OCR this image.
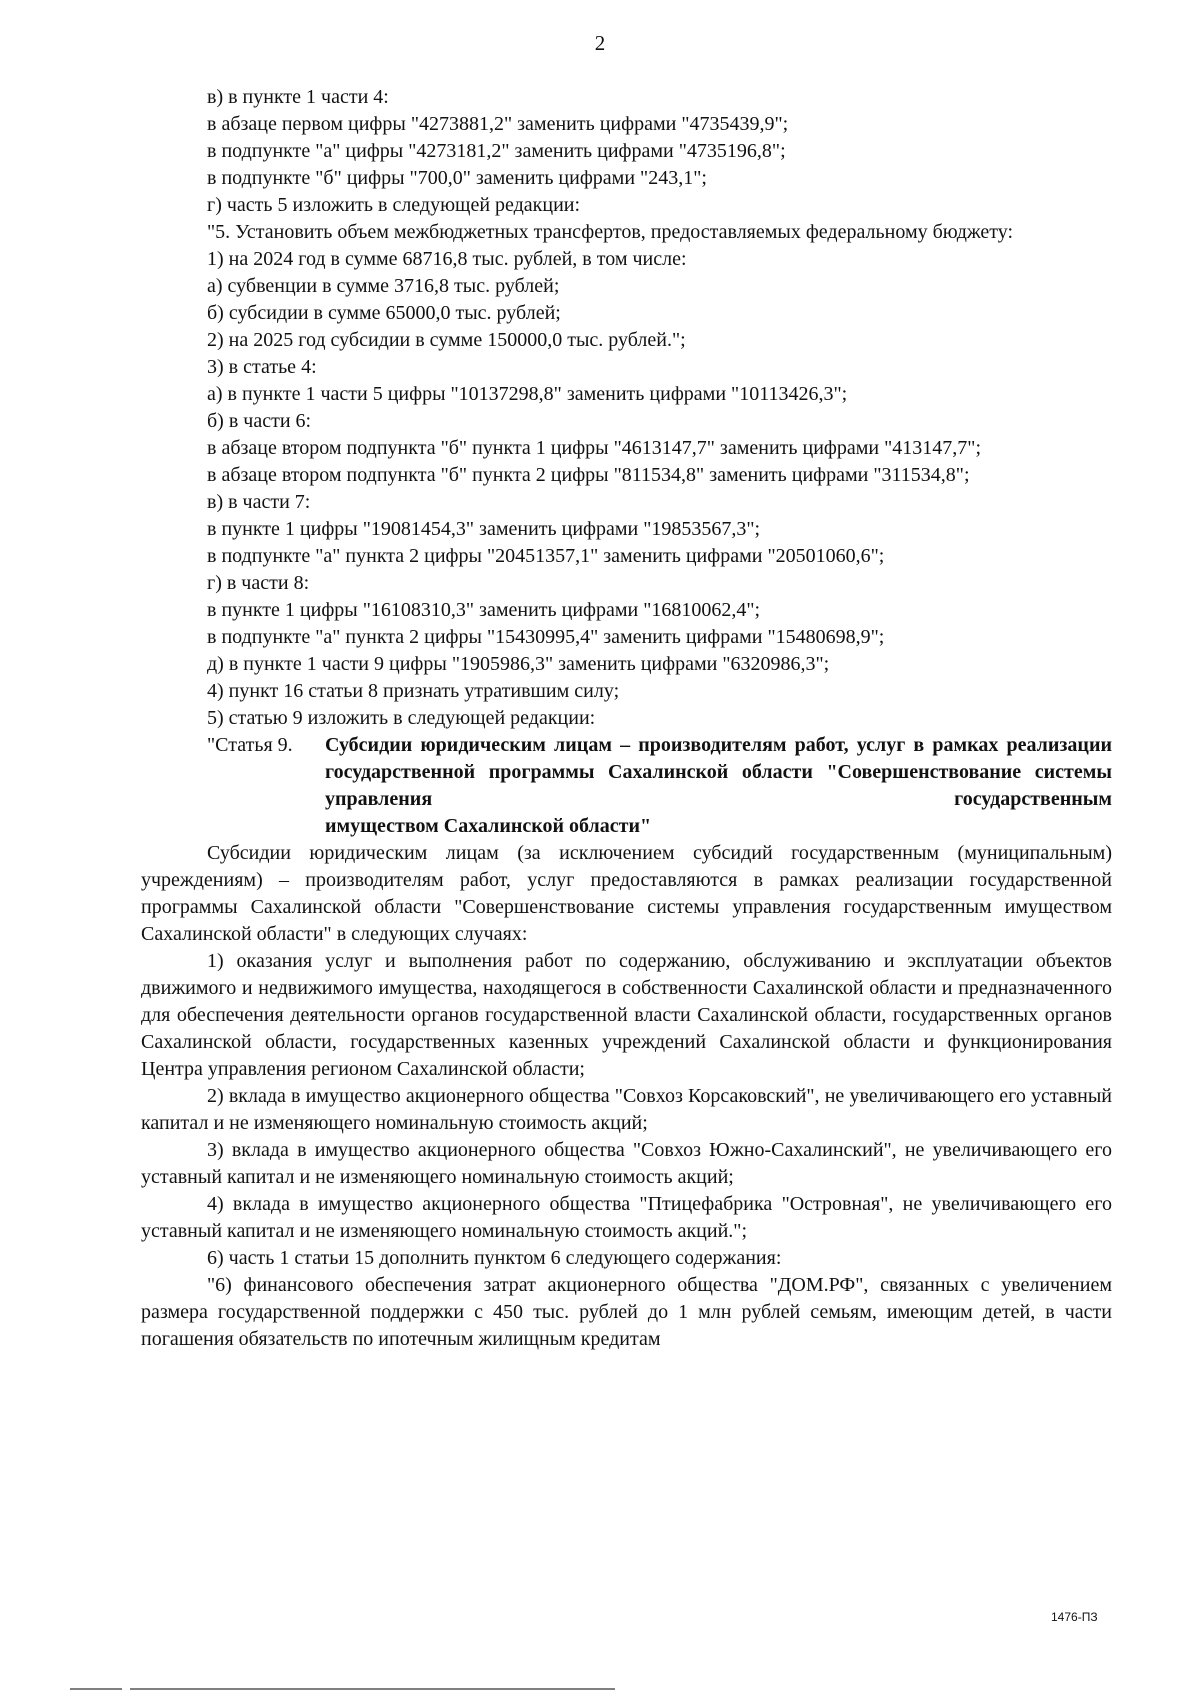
2

в) в пункте 1 части 4:

в абзаце первом цифры "4273881,2" заменить цифрами "4735439,9";

в подпункте "а" цифры "4273181,2" заменить цифрами "4735196,8";

в подпункте "б" цифры "700,0" заменить цифрами "243,1";

г) часть 5 изложить в следующей редакции:

"5. Установить объем межбюджетных трансфертов, предоставляемых федеральному бюджету:

1) на 2024 год в сумме 68716,8 тыс. рублей, в том числе:

а) субвенции в сумме 3716,8 тыс. рублей;

б) субсидии в сумме 65000,0 тыс. рублей;

2) на 2025 год субсидии в сумме 150000,0 тыс. рублей.";

3) в статье 4:

а) в пункте 1 части 5 цифры "10137298,8" заменить цифрами "10113426,3";

б) в части 6:

в абзаце втором подпункта "б" пункта 1 цифры "4613147,7" заменить цифрами "413147,7";

в абзаце втором подпункта "б" пункта 2 цифры "811534,8" заменить цифрами "311534,8";

в) в части 7:

в пункте 1 цифры "19081454,3" заменить цифрами "19853567,3";

в подпункте "а" пункта 2 цифры "20451357,1" заменить цифрами "20501060,6";

г) в части 8:

в пункте 1 цифры "16108310,3" заменить цифрами "16810062,4";

в подпункте "а" пункта 2 цифры "15430995,4" заменить цифрами "15480698,9";

д) в пункте 1 части 9 цифры "1905986,3" заменить цифрами "6320986,3";

4) пункт 16 статьи 8 признать утратившим силу;

5) статью 9 изложить в следующей редакции:

"Статья 9. Субсидии юридическим лицам – производителям работ, услуг в рамках реализации государственной программы Сахалинской области "Совершенствование системы управления государственным
имуществом Сахалинской области"

Субсидии юридическим лицам (за исключением субсидий государственным (муниципальным) учреждениям) – производителям работ, услуг предоставляются в рамках реализации государственной программы Сахалинской области "Совершенствование системы управления государственным имуществом Сахалинской области" в следующих случаях:

1) оказания услуг и выполнения работ по содержанию, обслуживанию и эксплуатации объектов движимого и недвижимого имущества, находящегося в собственности Сахалинской области и предназначенного для обеспечения деятельности органов государственной власти Сахалинской области, государственных органов Сахалинской области, государственных казенных учреждений Сахалинской области и функционирования Центра управления регионом Сахалинской области;

2) вклада в имущество акционерного общества "Совхоз Корсаковский", не увеличивающего его уставный капитал и не изменяющего номинальную стоимость акций;

3) вклада в имущество акционерного общества "Совхоз Южно-Сахалинский", не увеличивающего его уставный капитал и не изменяющего номинальную стоимость акций;

4) вклада в имущество акционерного общества "Птицефабрика "Островная", не увеличивающего его уставный капитал и не изменяющего номинальную стоимость акций.";

6) часть 1 статьи 15 дополнить пунктом 6 следующего содержания:

"6) финансового обеспечения затрат акционерного общества "ДОМ.РФ", связанных с увеличением размера государственной поддержки с 450 тыс. рублей до 1 млн рублей семьям, имеющим детей, в части погашения обязательств по ипотечным жилищным кредитам

1476-ПЗ
